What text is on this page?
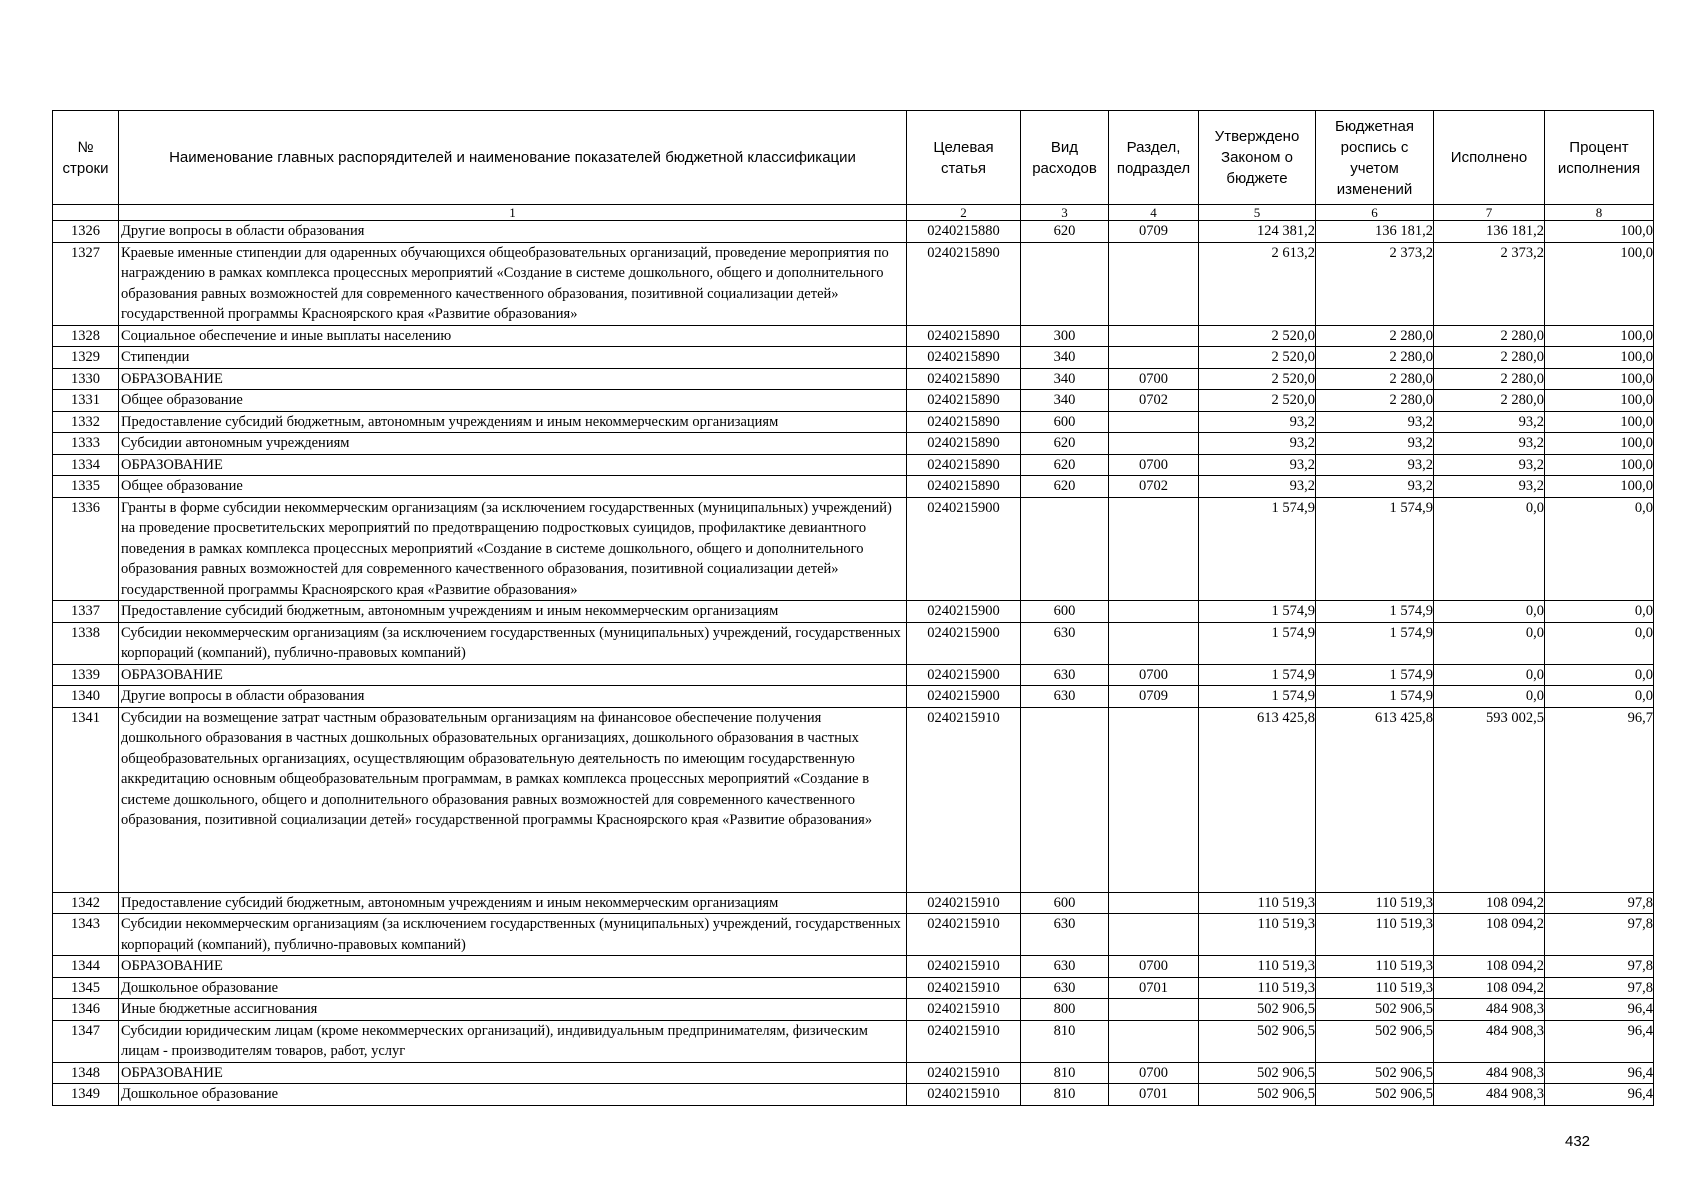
№ строки	Наименование главных распорядителей и наименование показателей бюджетной классификации	Целевая статья	Вид расходов	Раздел, подраздел	Утверждено Законом о бюджете	Бюджетная роспись с учетом изменений	Исполнено	Процент исполнения
	1	2	3	4	5	6	7	8
1326	Другие вопросы в области образования	0240215880	620	0709	124 381,2	136 181,2	136 181,2	100,0
1327	Краевые именные стипендии для одаренных обучающихся общеобразовательных организаций, проведение мероприятия по награждению в рамках комплекса процессных мероприятий «Создание в системе дошкольного, общего и дополнительного образования равных возможностей для современного качественного образования, позитивной социализации детей» государственной программы Красноярского края «Развитие образования»	0240215890			2 613,2	2 373,2	2 373,2	100,0
1328	Социальное обеспечение и иные выплаты населению	0240215890	300		2 520,0	2 280,0	2 280,0	100,0
1329	Стипендии	0240215890	340		2 520,0	2 280,0	2 280,0	100,0
1330	ОБРАЗОВАНИЕ	0240215890	340	0700	2 520,0	2 280,0	2 280,0	100,0
1331	Общее образование	0240215890	340	0702	2 520,0	2 280,0	2 280,0	100,0
1332	Предоставление субсидий бюджетным, автономным учреждениям и иным некоммерческим организациям	0240215890	600		93,2	93,2	93,2	100,0
1333	Субсидии автономным учреждениям	0240215890	620		93,2	93,2	93,2	100,0
1334	ОБРАЗОВАНИЕ	0240215890	620	0700	93,2	93,2	93,2	100,0
1335	Общее образование	0240215890	620	0702	93,2	93,2	93,2	100,0
1336	Гранты в форме субсидии некоммерческим организациям (за исключением государственных (муниципальных) учреждений) на проведение просветительских мероприятий по предотвращению подростковых суицидов, профилактике девиантного поведения в рамках комплекса процессных мероприятий «Создание в системе дошкольного, общего и дополнительного образования равных возможностей для современного качественного образования, позитивной социализации детей» государственной программы Красноярского края «Развитие образования»	0240215900			1 574,9	1 574,9	0,0	0,0
1337	Предоставление субсидий бюджетным, автономным учреждениям и иным некоммерческим организациям	0240215900	600		1 574,9	1 574,9	0,0	0,0
1338	Субсидии некоммерческим организациям (за исключением государственных (муниципальных) учреждений, государственных корпораций (компаний), публично-правовых компаний)	0240215900	630		1 574,9	1 574,9	0,0	0,0
1339	ОБРАЗОВАНИЕ	0240215900	630	0700	1 574,9	1 574,9	0,0	0,0
1340	Другие вопросы в области образования	0240215900	630	0709	1 574,9	1 574,9	0,0	0,0
1341	Субсидии на возмещение затрат частным образовательным организациям на финансовое обеспечение получения дошкольного образования в частных дошкольных образовательных организациях, дошкольного образования в частных общеобразовательных организациях, осуществляющим образовательную деятельность по имеющим государственную аккредитацию основным общеобразовательным программам, в рамках комплекса процессных мероприятий «Создание в системе дошкольного, общего и дополнительного образования равных возможностей для современного качественного образования, позитивной социализации детей» государственной программы Красноярского края «Развитие образования»	0240215910			613 425,8	613 425,8	593 002,5	96,7
1342	Предоставление субсидий бюджетным, автономным учреждениям и иным некоммерческим организациям	0240215910	600		110 519,3	110 519,3	108 094,2	97,8
1343	Субсидии некоммерческим организациям (за исключением государственных (муниципальных) учреждений, государственных корпораций (компаний), публично-правовых компаний)	0240215910	630		110 519,3	110 519,3	108 094,2	97,8
1344	ОБРАЗОВАНИЕ	0240215910	630	0700	110 519,3	110 519,3	108 094,2	97,8
1345	Дошкольное образование	0240215910	630	0701	110 519,3	110 519,3	108 094,2	97,8
1346	Иные бюджетные ассигнования	0240215910	800		502 906,5	502 906,5	484 908,3	96,4
1347	Субсидии юридическим лицам (кроме некоммерческих организаций), индивидуальным предпринимателям, физическим лицам - производителям товаров, работ, услуг	0240215910	810		502 906,5	502 906,5	484 908,3	96,4
1348	ОБРАЗОВАНИЕ	0240215910	810	0700	502 906,5	502 906,5	484 908,3	96,4
1349	Дошкольное образование	0240215910	810	0701	502 906,5	502 906,5	484 908,3	96,4
432
